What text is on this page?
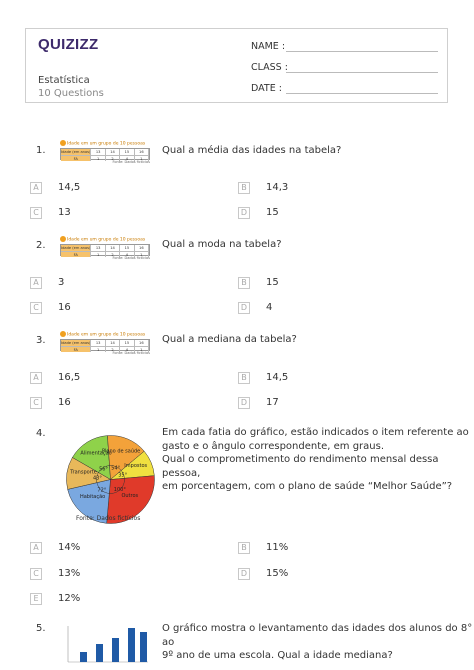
QUIZIZZ
Estatística
10 Questions
NAME :
CLASS :
DATE :
1.
Idade em um grupo de 10 pessoas
Idade (em anos)	13	14	15	16
FA	1	2	4	1
Fonte: Dados fictícios
Qual a média das idades na tabela?
A	14,5	B	14,3
C	13	D 15
2.	Idade em um grupo de 10 pessoas
Idade (em anos)	13	14	15	16
FA	1	2	4	1
Fonte: Dados fictícios
Qual a moda na tabela?
A	3	B	15
C	16	D 4
3.	Idade em um grupo de 10 pessoas
Idade (em anos)	13	14	15	16
FA	1	2	4	1
Fonte: Dados fictícios
Qual a mediana da tabela?
A	16,5	B	14,5
C	16	D 17
4.
Alimentação
56°
Plano de saúde
54° Impostos
35°
Outros
100°
Habitação
72°
Transporte
43°
Fonte: Dados fictícios
Em cada fatia do gráfico, estão indicados o item referente ao
gasto e o ângulo correspondente, em graus.
Qual o comprometimento do rendimento mensal dessa pessoa,
em porcentagem, com o plano de saúde “Melhor Saúde”?
A	14%	B	11%
C	13%	D 15%
E	12%
5.	O gráfico mostra o levantamento das idades dos alunos do 8° ao
9º ano de uma escola. Qual a idade mediana?
